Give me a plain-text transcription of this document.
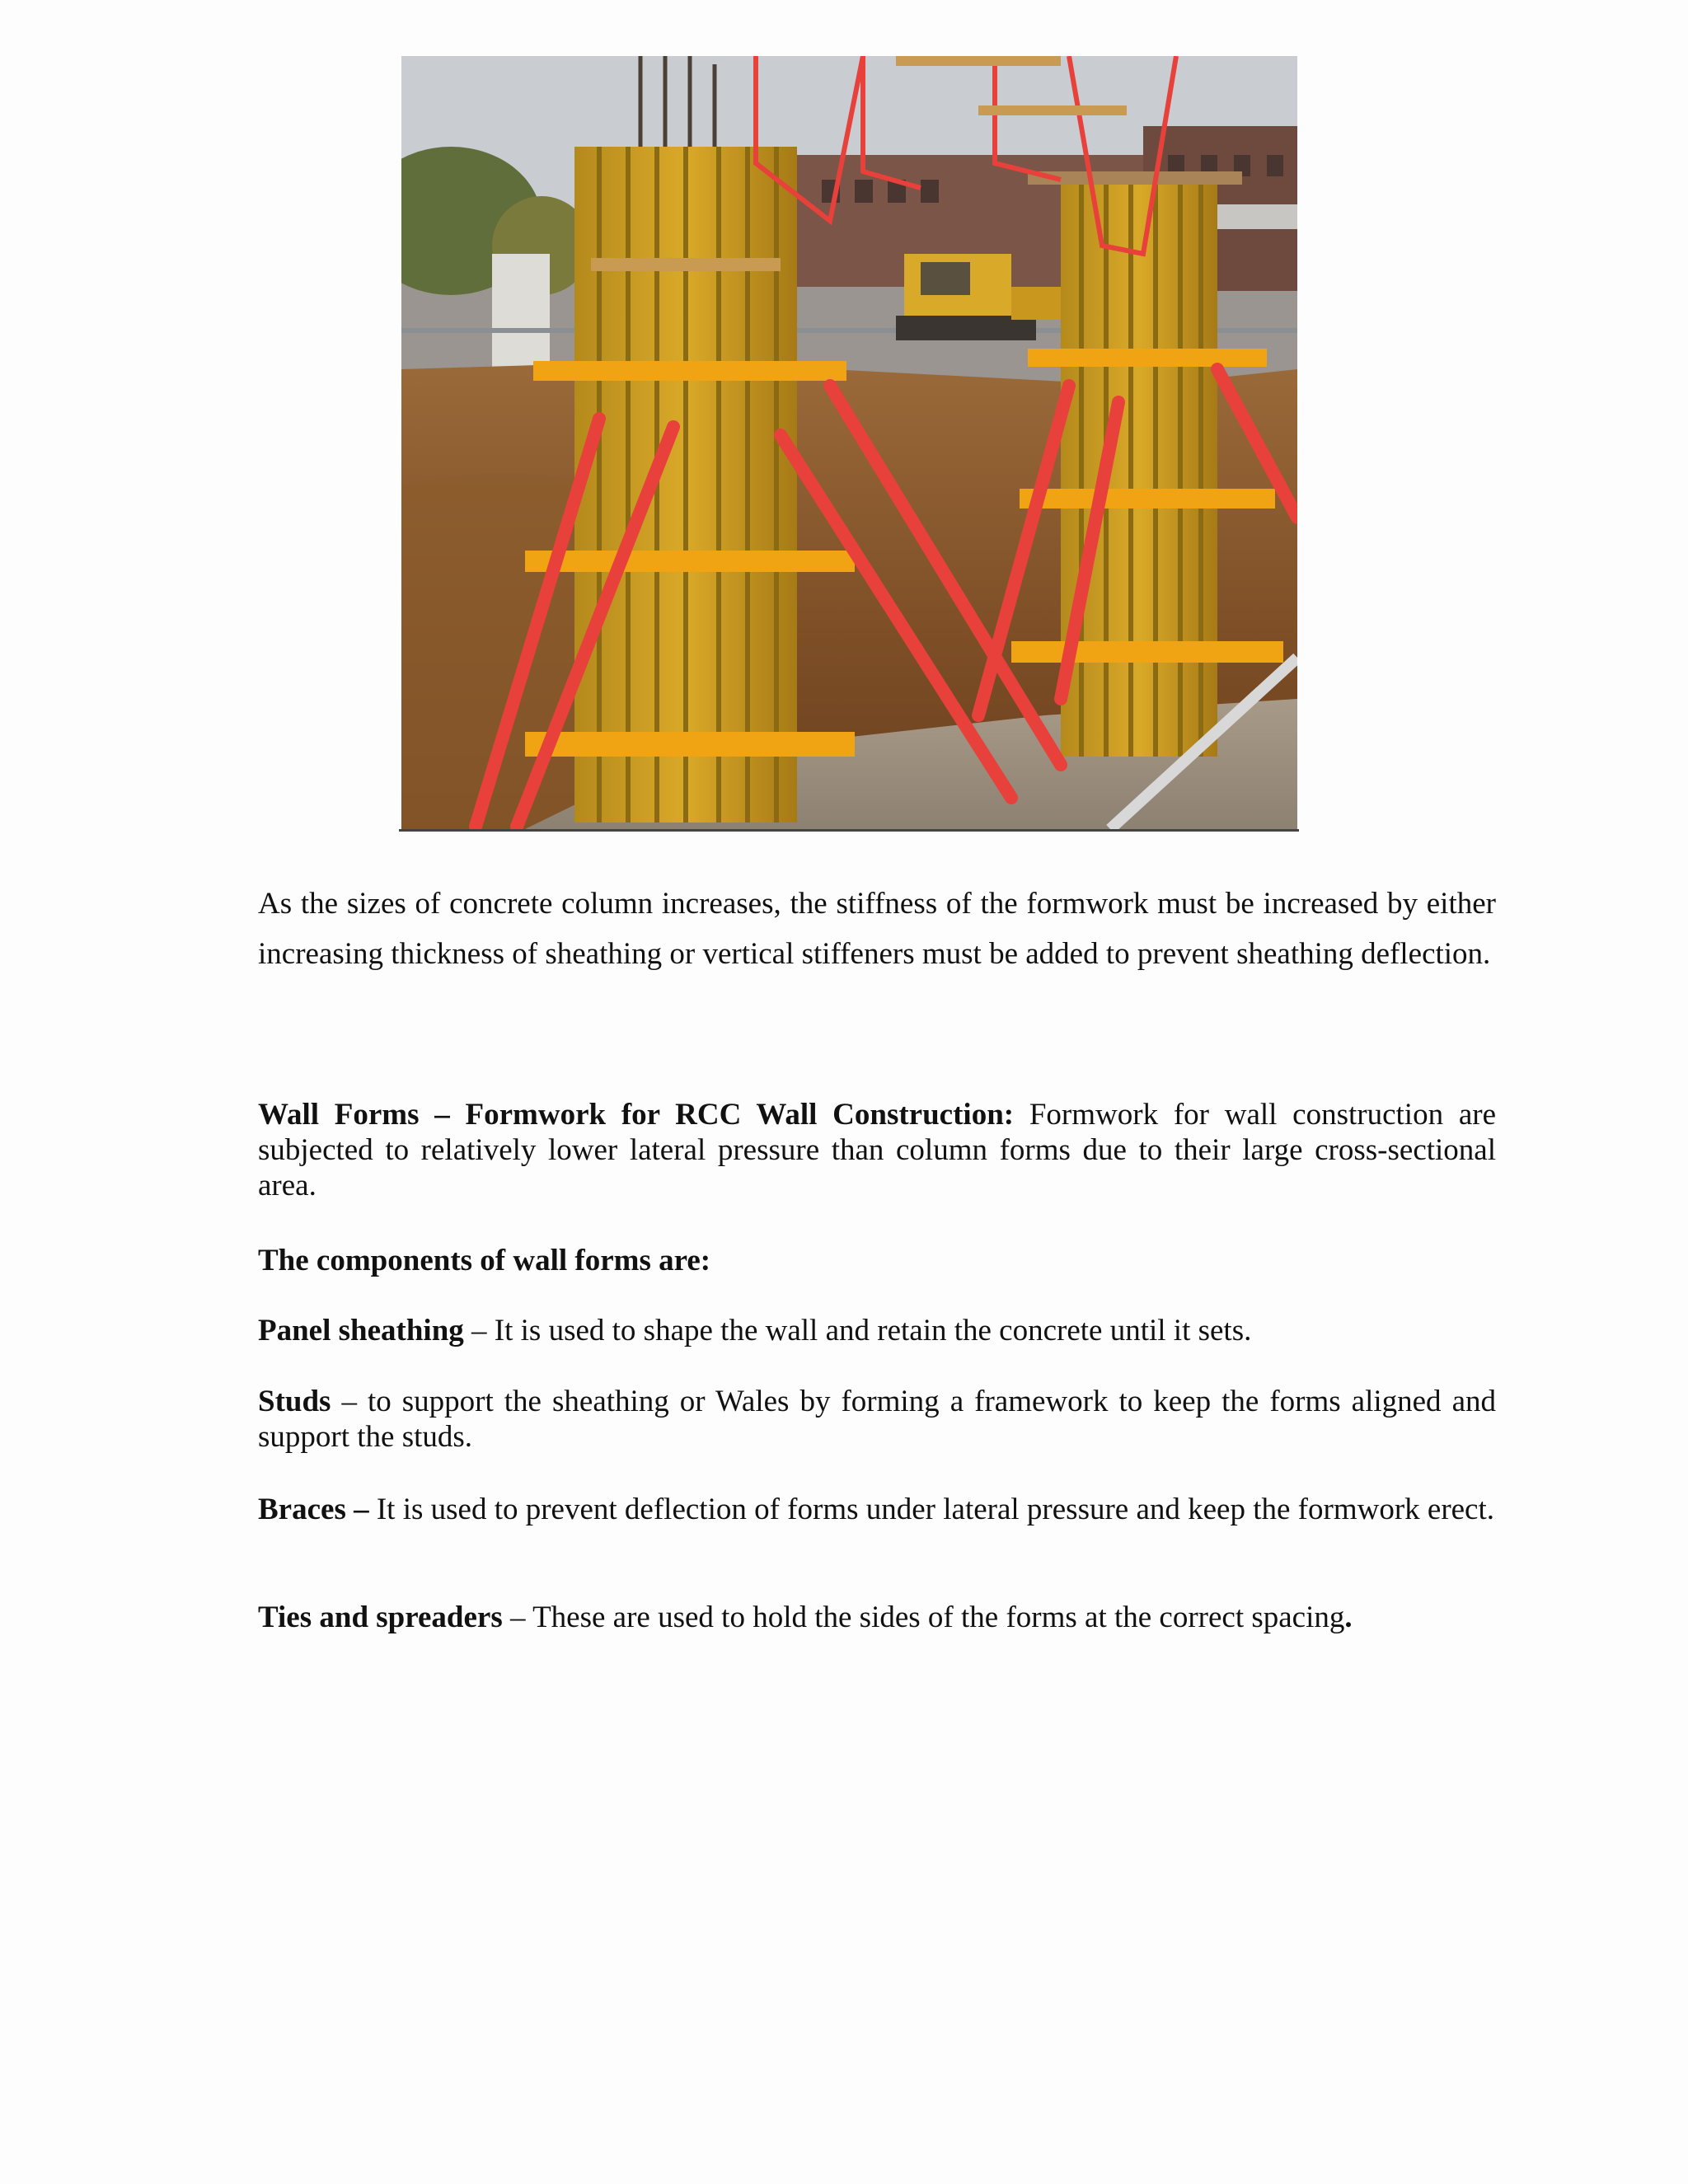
As the sizes of concrete column increases, the stiffness of the formwork must be increased by either increasing thickness of sheathing or vertical stiffeners must be added to prevent sheathing deflection.

Wall Forms – Formwork for RCC Wall Construction: Formwork for wall construction are subjected to relatively lower lateral pressure than column forms due to their large cross-sectional area.

The components of wall forms are:

Panel sheathing – It is used to shape the wall and retain the concrete until it sets.

Studs – to support the sheathing or Wales by forming a framework to keep the forms aligned and support the studs.

Braces – It is used to prevent deflection of forms under lateral pressure and keep the formwork erect.

Ties and spreaders – These are used to hold the sides of the forms at the correct spacing.
